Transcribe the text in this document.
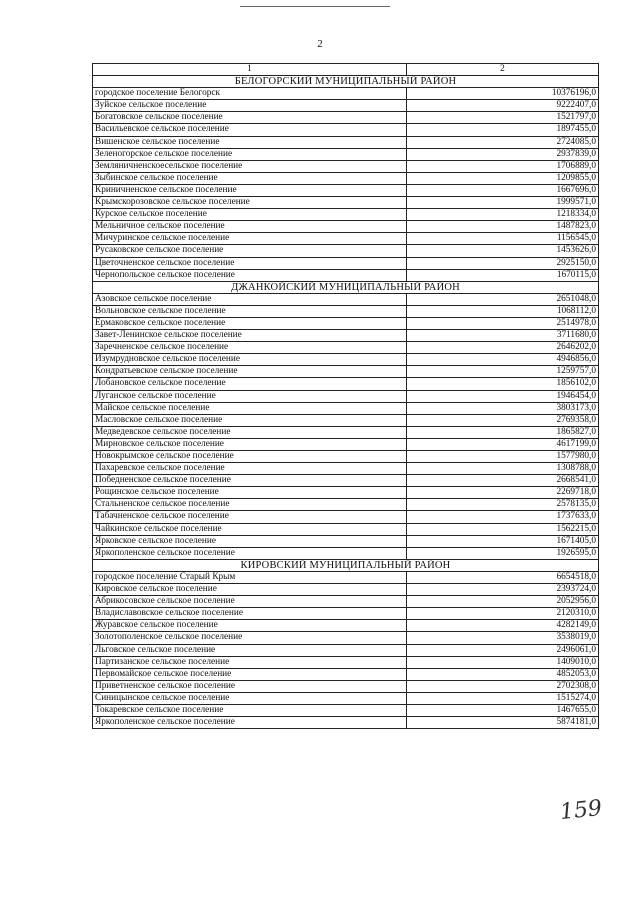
2
1	2
БЕЛОГОРСКИЙ МУНИЦИПАЛЬНЫЙ РАЙОН	
городское поселение Белогорск	10376196,0
Зуйское сельское поселение	9222407,0
Богатовское сельское поселение	1521797,0
Васильевское сельское поселение	1897455,0
Вишенское сельское поселение	2724085,0
Зеленогорское сельское поселение	2937839,0
Земляничненскоесельское поселение	1706889,0
Зыбинское сельское поселение	1209855,0
Криничненское сельское поселение	1667696,0
Крымскорозовское сельское поселение	1999571,0
Курское сельское поселение	1218334,0
Мельничное сельское поселение	1487823,0
Мичуринское сельское поселение	1156545,0
Русаковское сельское поселение	1453626,0
Цветочненское сельское поселение	2925150,0
Чернопольское сельское поселение	1670115,0
ДЖАНКОЙСКИЙ МУНИЦИПАЛЬНЫЙ РАЙОН	
Азовское сельское поселение	2651048,0
Вольновское сельское поселение	1068112,0
Ермаковское сельское поселение	2514978,0
Завет-Ленинское сельское поселение	3711680,0
Заречненское сельское поселение	2646202,0
Изумрудновское сельское поселение	4946856,0
Кондратьевское сельское поселение	1259757,0
Лобановское сельское поселение	1856102,0
Луганское сельское поселение	1946454,0
Майское сельское поселение	3803173,0
Масловское сельское поселение	2769358,0
Медведевское сельское поселение	1865827,0
Мирновское сельское поселение	4617199,0
Новокрымское сельское поселение	1577980,0
Пахаревское сельское поселение	1308788,0
Победненское сельское поселение	2668541,0
Рощинское сельское поселение	2269718,0
Стальненское сельское поселение	2578135,0
Табачненское сельское поселение	1737633,0
Чайкинское сельское поселение	1562215,0
Ярковское сельское поселение	1671405,0
Яркополенское сельское поселение	1926595,0
КИРОВСКИЙ МУНИЦИПАЛЬНЫЙ РАЙОН	
городское поселение Старый Крым	6654518,0
Кировское сельское поселение	2393724,0
Абрикосовское сельское поселение	2052956,0
Владиславовское сельское поселение	2120310,0
Журавское сельское поселение	4282149,0
Золотополенское сельское поселение	3538019,0
Льговское сельское поселение	2496061,0
Партизанское сельское поселение	1409010,0
Первомайское сельское поселение	4852053,0
Приветненское сельское поселение	2702308,0
Синицынское сельское поселение	1515274,0
Токаревское сельское поселение	1467655,0
Яркополенское сельское поселение	5874181,0
159
